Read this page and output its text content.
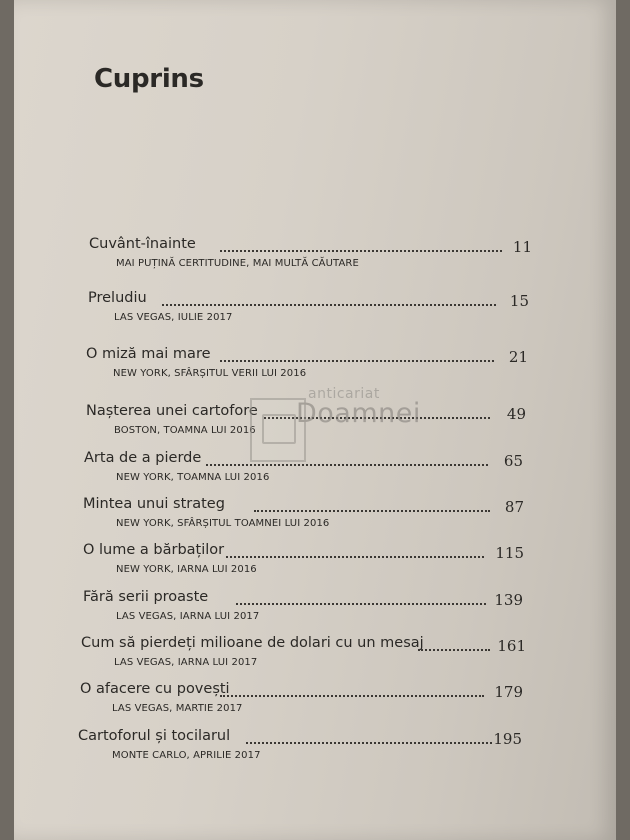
Cuprins
Cuvânt-înainte	11
MAI PUȚINĂ CERTITUDINE, MAI MULTĂ CĂUTARE
Preludiu	15
LAS VEGAS, IULIE 2017
O miză mai mare	21
NEW YORK, SFÂRȘITUL VERII LUI 2016
Nașterea unei cartofore	49
BOSTON, TOAMNA LUI 2016
Arta de a pierde	65
NEW YORK, TOAMNA LUI 2016
Mintea unui strateg	87
NEW YORK, SFÂRȘITUL TOAMNEI LUI 2016
O lume a bărbaților	115
NEW YORK, IARNA LUI 2016
Fără serii proaste	139
LAS VEGAS, IARNA LUI 2017
Cum să pierdeți milioane de dolari cu un mesaj	161
LAS VEGAS, IARNA LUI 2017
O afacere cu povești	179
LAS VEGAS, MARTIE 2017
Cartoforul și tocilarul	195
MONTE CARLO, APRILIE 2017
anticariat
Doamnei
